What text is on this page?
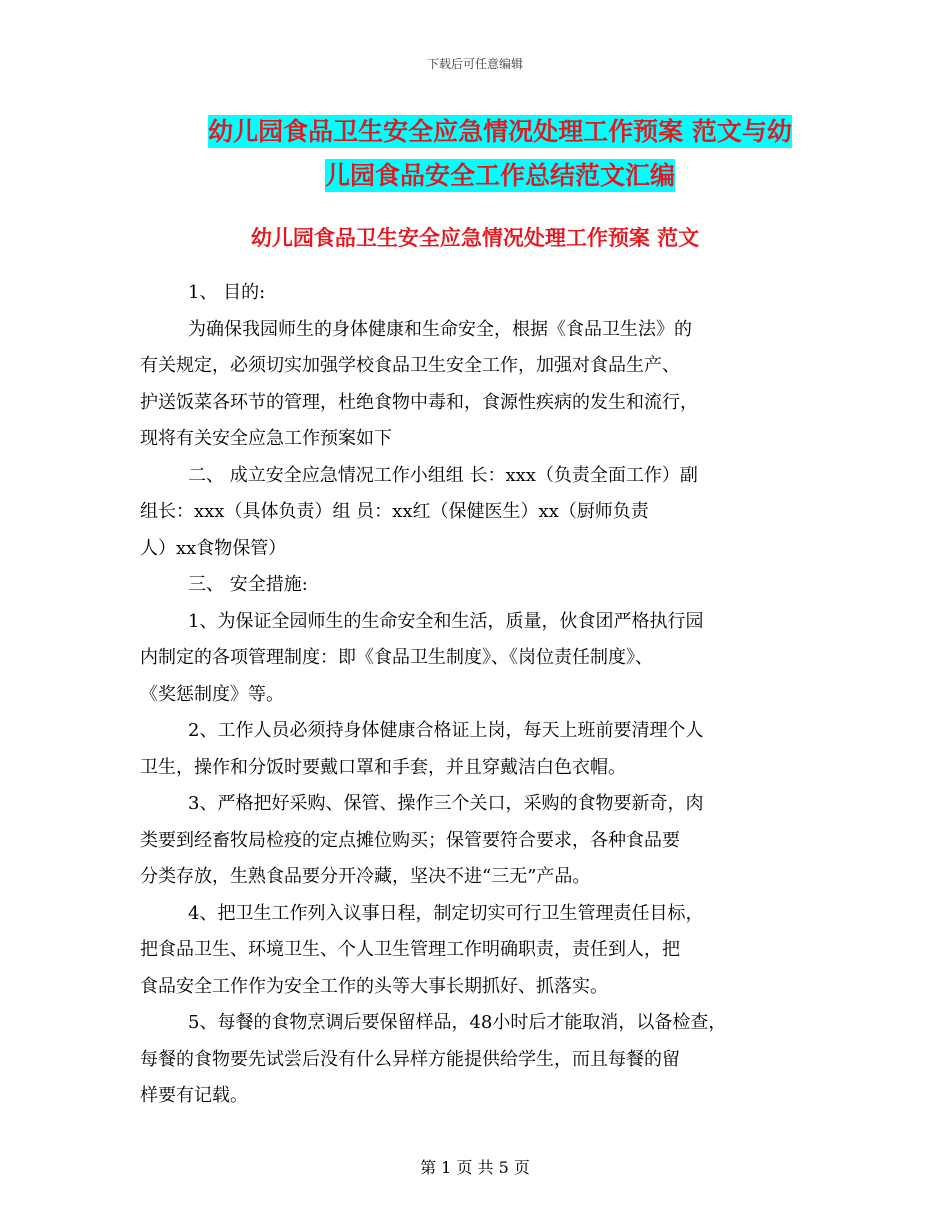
下载后可任意编辑
幼儿园食品卫生安全应急情况处理工作预案 范文与幼
儿园食品安全工作总结范文汇编
幼儿园食品卫生安全应急情况处理工作预案 范文

1、 目的:

为确保我园师生的身体健康和生命安全，根据《食品卫生法》的

有关规定，必须切实加强学校食品卫生安全工作，加强对食品生产、

护送饭菜各环节的管理，杜绝食物中毒和，食源性疾病的发生和流行，

现将有关安全应急工作预案如下

二、 成立安全应急情况工作小组组 长：xxx（负责全面工作）副

组长：xxx（具体负责）组 员：xx红（保健医生）xx（厨师负责

人）xx食物保管）

三、 安全措施:

1、为保证全园师生的生命安全和生活，质量，伙食团严格执行园

内制定的各项管理制度：即《食品卫生制度》、《岗位责任制度》、

《奖惩制度》等。

2、工作人员必须持身体健康合格证上岗，每天上班前要清理个人

卫生，操作和分饭时要戴口罩和手套，并且穿戴洁白色衣帽。

3、严格把好采购、保管、操作三个关口，采购的食物要新奇，肉

类要到经畜牧局检疫的定点摊位购买；保管要符合要求，各种食品要

分类存放，生熟食品要分开冷藏，坚决不进“三无”产品。

4、把卫生工作列入议事日程，制定切实可行卫生管理责任目标，

把食品卫生、环境卫生、个人卫生管理工作明确职责，责任到人，把

食品安全工作作为安全工作的头等大事长期抓好、抓落实。

5、每餐的食物烹调后要保留样品，48小时后才能取消，以备检查，

每餐的食物要先试尝后没有什么异样方能提供给学生，而且每餐的留

样要有记载。

第 1 页 共 5 页
